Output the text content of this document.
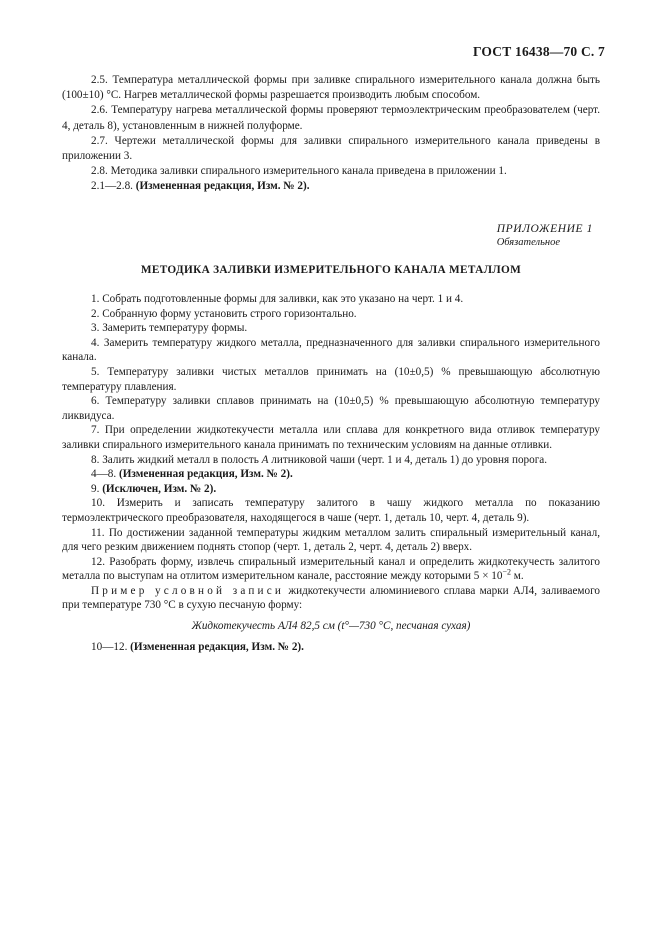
ГОСТ 16438—70 С. 7

2.5. Температура металлической формы при заливке спирального измерительного канала должна быть (100±10) °С. Нагрев металлической формы разрешается производить любым способом.

2.6. Температуру нагрева металлической формы проверяют термоэлектрическим преобразователем (черт. 4, деталь 8), установленным в нижней полуформе.

2.7. Чертежи металлической формы для заливки спирального измерительного канала приведены в приложении 3.

2.8. Методика заливки спирального измерительного канала приведена в приложении 1.

2.1—2.8. (Измененная редакция, Изм. № 2).

ПРИЛОЖЕНИЕ 1
Обязательное
МЕТОДИКА ЗАЛИВКИ ИЗМЕРИТЕЛЬНОГО КАНАЛА МЕТАЛЛОМ

1. Собрать подготовленные формы для заливки, как это указано на черт. 1 и 4.

2. Собранную форму установить строго горизонтально.

3. Замерить температуру формы.

4. Замерить температуру жидкого металла, предназначенного для заливки спирального измерительного канала.

5. Температуру заливки чистых металлов принимать на (10±0,5) % превышающую абсолютную температуру плавления.

6. Температуру заливки сплавов принимать на (10±0,5) % превышающую абсолютную температуру ликвидуса.

7. При определении жидкотекучести металла или сплава для конкретного вида отливок температуру заливки спирального измерительного канала принимать по техническим условиям на данные отливки.

8. Залить жидкий металл в полость А литниковой чаши (черт. 1 и 4, деталь 1) до уровня порога.

4—8. (Измененная редакция, Изм. № 2).

9. (Исключен, Изм. № 2).

10. Измерить и записать температуру залитого в чашу жидкого металла по показанию термоэлектрического преобразователя, находящегося в чаше (черт. 1, деталь 10, черт. 4, деталь 9).

11. По достижении заданной температуры жидким металлом залить спиральный измерительный канал, для чего резким движением поднять стопор (черт. 1, деталь 2, черт. 4, деталь 2) вверх.

12. Разобрать форму, извлечь спиральный измерительный канал и определить жидкотекучесть залитого металла по выступам на отлитом измерительном канале, расстояние между которыми $5 \times 10^{-2}$ м.

Пример условной записи жидкотекучести алюминиевого сплава марки АЛ4, заливаемого при температуре 730 °С в сухую песчаную форму:

Жидкотекучесть АЛ4 82,5 см (t°—730 °С, песчаная сухая)

10—12. (Измененная редакция, Изм. № 2).
